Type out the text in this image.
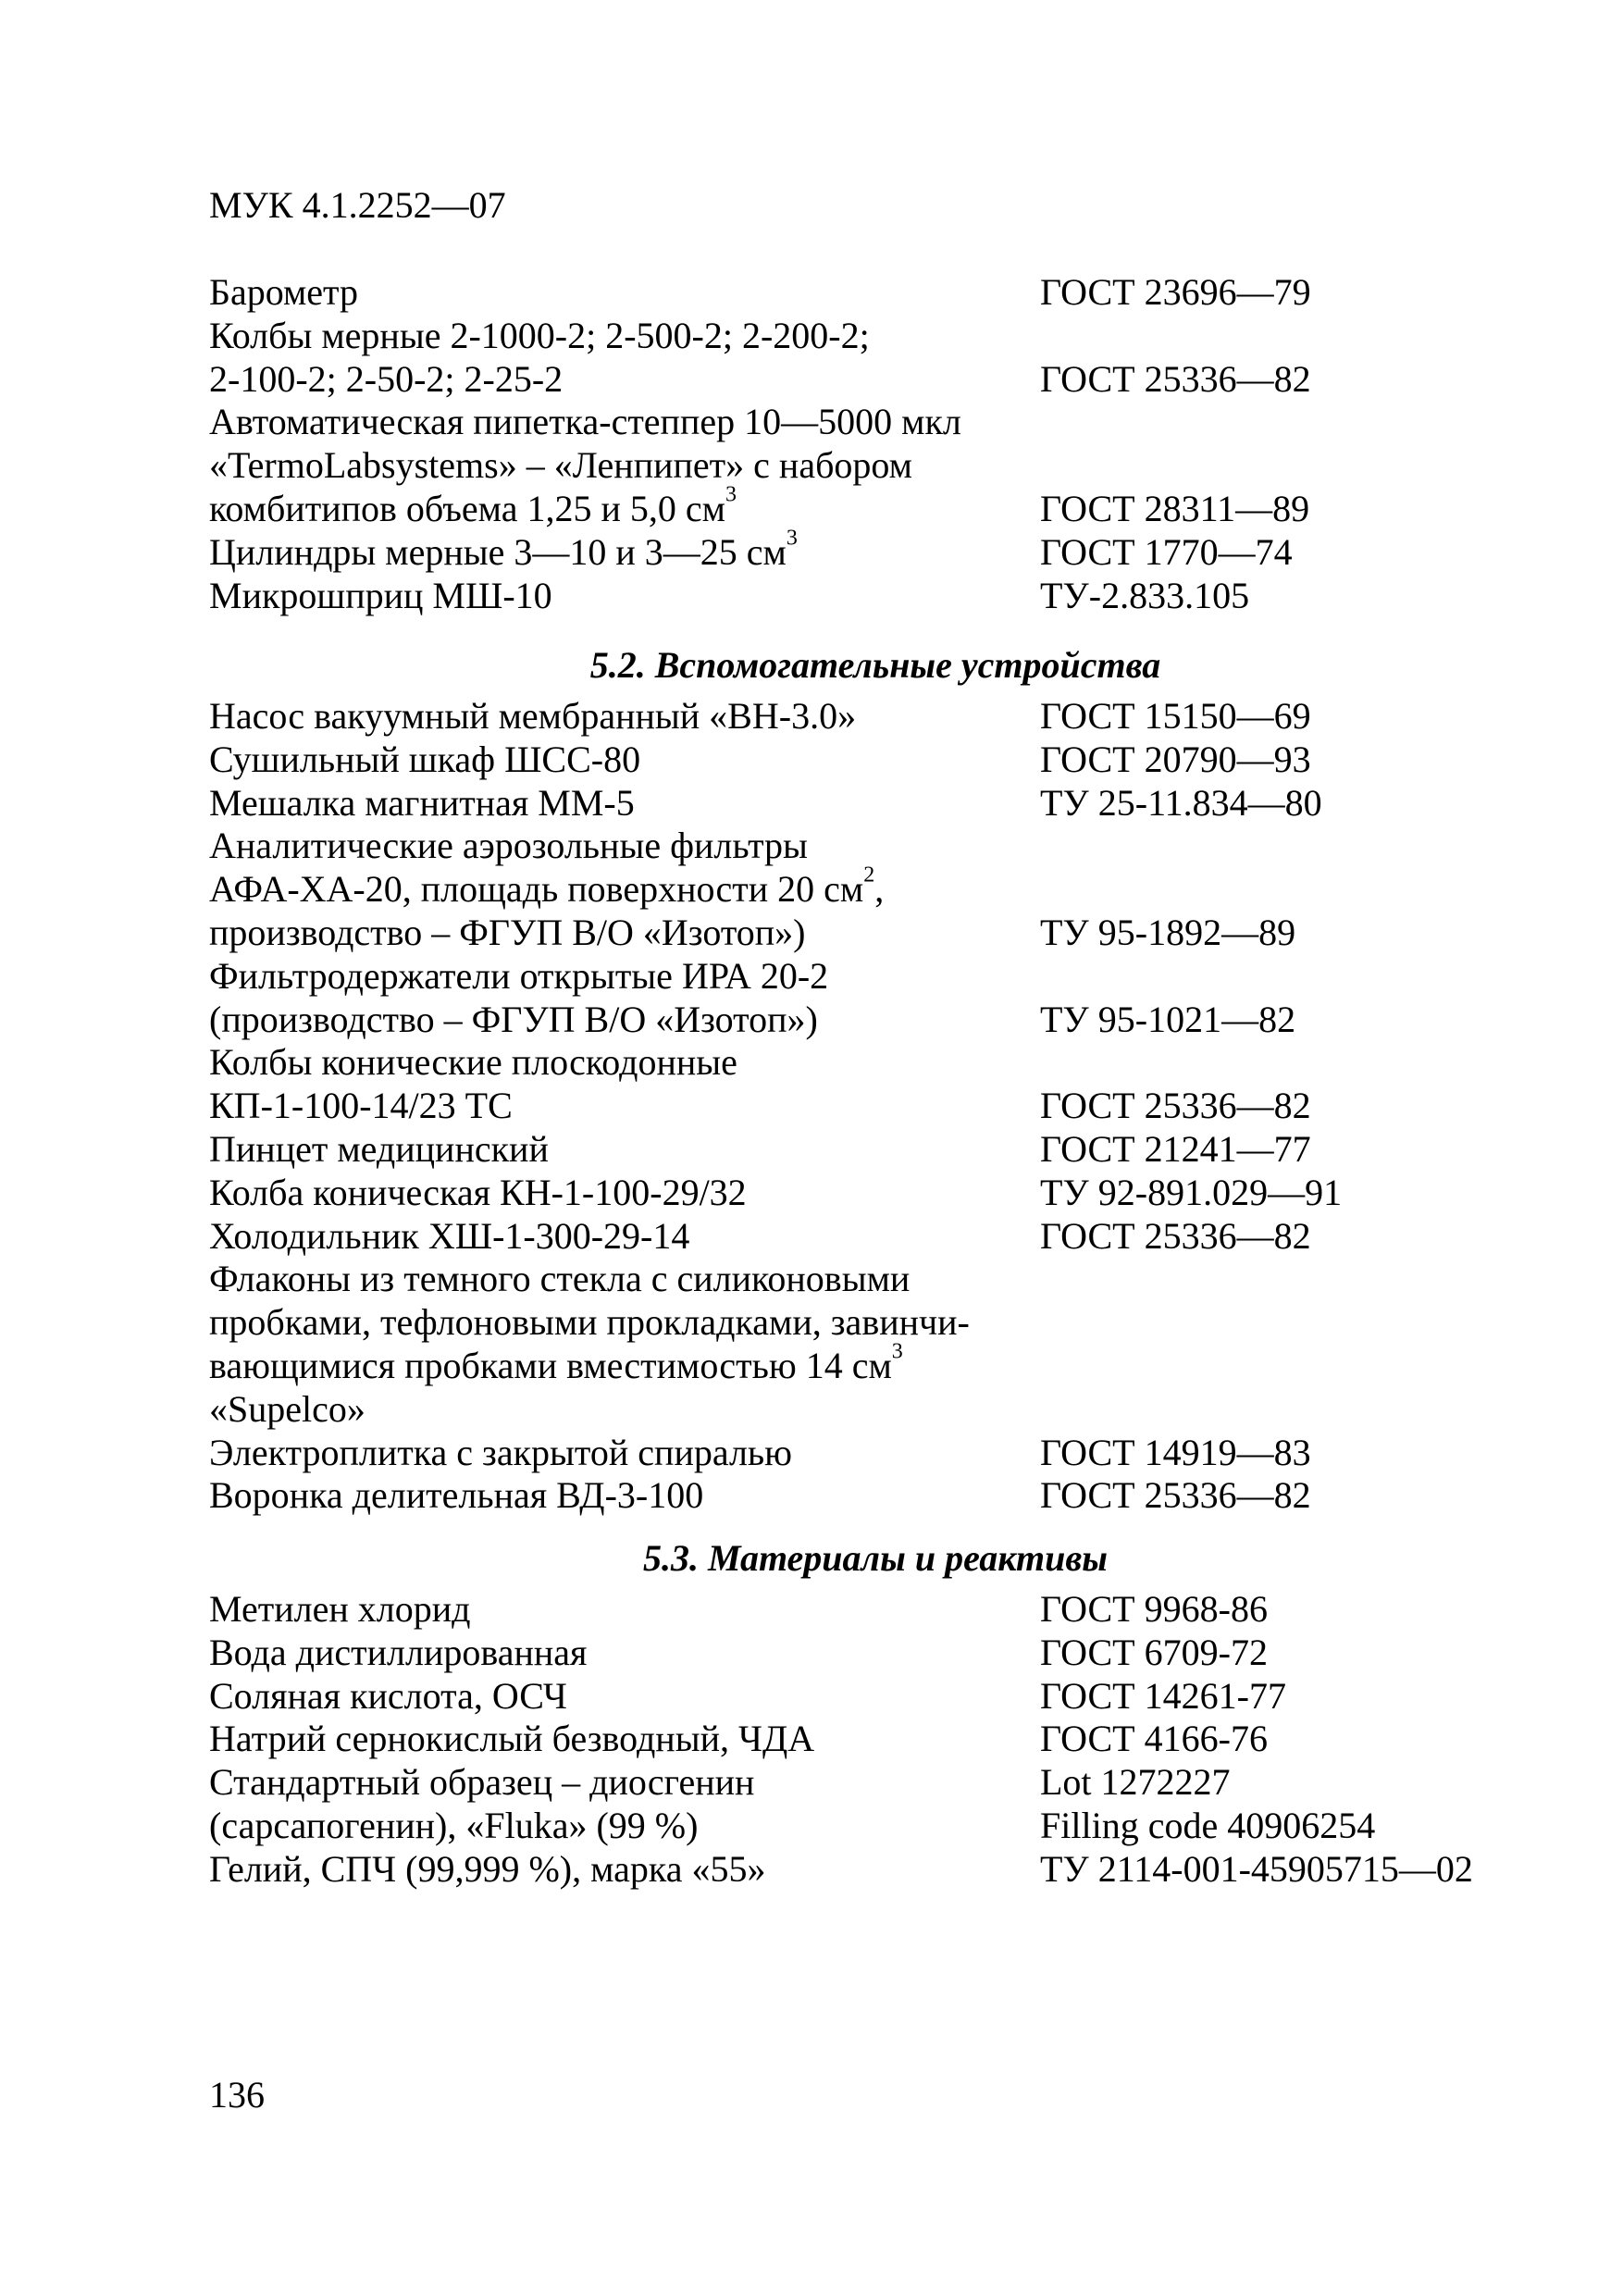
МУК 4.1.2252—07
Барометр	ГОСТ 23696—79
Колбы мерные 2-1000-2; 2-500-2; 2-200-2;
2-100-2; 2-50-2; 2-25-2	ГОСТ 25336—82
Автоматическая пипетка-степпер 10—5000 мкл
«TermoLabsystems» – «Ленпипет» с набором
комбитипов объема 1,25 и 5,0 $см^3$	ГОСТ 28311—89
Цилиндры мерные 3—10 и 3—25 $см^3$	ГОСТ 1770—74
Микрошприц МШ-10	ТУ-2.833.105
5.2. Вспомогательные устройства
Насос вакуумный мембранный «ВН-3.0»	ГОСТ 15150—69
Сушильный шкаф ШСС-80	ГОСТ 20790—93
Мешалка магнитная ММ-5	ТУ 25-11.834—80
Аналитические аэрозольные фильтры
АФА-ХА-20, площадь поверхности 20 $см^2$,
производство – ФГУП В/О «Изотоп»)	ТУ 95-1892—89
Фильтродержатели открытые ИРА 20-2
(производство – ФГУП В/О «Изотоп»)	ТУ 95-1021—82
Колбы конические плоскодонные
КП-1-100-14/23 ТС	ГОСТ 25336—82
Пинцет медицинский	ГОСТ 21241—77
Колба коническая КН-1-100-29/32	ТУ 92-891.029—91
Холодильник ХШ-1-300-29-14	ГОСТ 25336—82
Флаконы из темного стекла с силиконовыми
пробками, тефлоновыми прокладками, завинчи-
вающимися пробками вместимостью 14 $см^3$
«Supelco»
Электроплитка с закрытой спиралью	ГОСТ 14919—83
Воронка делительная ВД-3-100	ГОСТ 25336—82
5.3. Материалы и реактивы
Метилен хлорид	ГОСТ 9968-86
Вода дистиллированная	ГОСТ 6709-72
Соляная кислота, ОСЧ	ГОСТ 14261-77
Натрий сернокислый безводный, ЧДА	ГОСТ 4166-76
Стандартный образец – диосгенин	Lot 1272227
(сарсапогенин), «Fluka» (99 %)	Filling code 40906254
Гелий, СПЧ (99,999 %), марка «55»	ТУ 2114-001-45905715—02
136
